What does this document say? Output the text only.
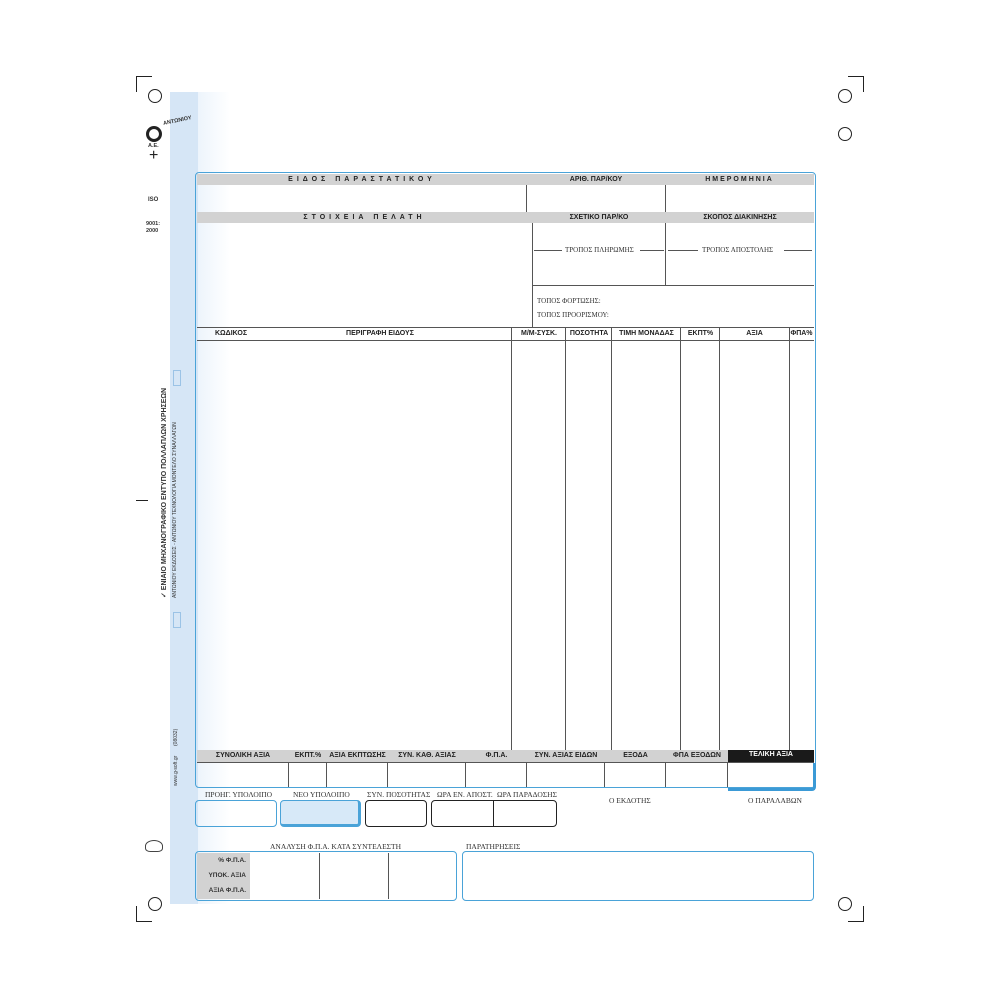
ΑΝΤΩΝΙΟΥ
Α.Ε.
+
ISO
9001:
2000
✓ ΕΝΙΑΙΟ ΜΗΧΑΝΟΓΡΑΦΙΚΟ ΕΝΤΥΠΟ ΠΟΛΛΑΠΛΩΝ ΧΡΗΣΕΩΝ ΑΝΤΩΝΙΟΥ ΕΚΔΟΣΕΙΣ - ΑΝΤΩΝΙΟΥ ΤΕΧΝΟΛΟΓΙΑ ΜΟΝΤΕΛΟ ΣΥΝΑΛΛΑΓΩΝ
www.g-soft.gr
(08032)
ΕΙΔΟΣ ΠΑΡΑΣΤΑΤΙΚΟΥ	ΑΡΙΘ. ΠΑΡ/ΚΟΥ	ΗΜΕΡΟΜΗΝΙΑ
ΣΤΟΙΧΕΙΑ ΠΕΛΑΤΗ	ΣΧΕΤΙΚΟ ΠΑΡ/ΚΟ	ΣΚΟΠΟΣ ΔΙΑΚΙΝΗΣΗΣ
ΤΡΟΠΟΣ ΠΛΗΡΩΜΗΣ	ΤΡΟΠΟΣ ΑΠΟΣΤΟΛΗΣ
ΤΟΠΟΣ ΦΟΡΤΩΣΗΣ:
ΤΟΠΟΣ ΠΡΟΟΡΙΣΜΟΥ:
ΚΩΔΙΚΟΣ	ΠΕΡΙΓΡΑΦΗ ΕΙΔΟΥΣ	Μ/Μ-ΣΥΣΚ.	ΠΟΣΟΤΗΤΑ	ΤΙΜΗ ΜΟΝΑΔΑΣ	ΕΚΠΤ%	ΑΞΙΑ	ΦΠΑ%
ΣΥΝΟΛΙΚΗ ΑΞΙΑ	ΕΚΠΤ.%	ΑΞΙΑ ΕΚΠΤΩΣΗΣ	ΣΥΝ. ΚΑΘ. ΑΞΙΑΣ	Φ.Π.Α.	ΣΥΝ. ΑΞΙΑΣ ΕΙΔΩΝ	ΕΞΟΔΑ	ΦΠΑ ΕΞΟΔΩΝ	ΤΕΛΙΚΗ ΑΞΙΑ
ΠΡΟΗΓ. ΥΠΟΛΟΙΠΟ	ΝΕΟ ΥΠΟΛΟΙΠΟ ΣΥΝ. ΠΟΣΟΤΗΤΑΣ ΩΡΑ ΕΝ. ΑΠΟΣΤ. ΩΡΑ ΠΑΡΑΔΟΣΗΣ
Ο ΕΚΔΟΤΗΣ	Ο ΠΑΡΑΛΑΒΩΝ
ΑΝΑΛΥΣΗ Φ.Π.Α. ΚΑΤΑ ΣΥΝΤΕΛΕΣΤΗ	ΠΑΡΑΤΗΡΗΣΕΙΣ
% Φ.Π.Α.
ΥΠΟΚ. ΑΞΙΑ
ΑΞΙΑ Φ.Π.Α.
